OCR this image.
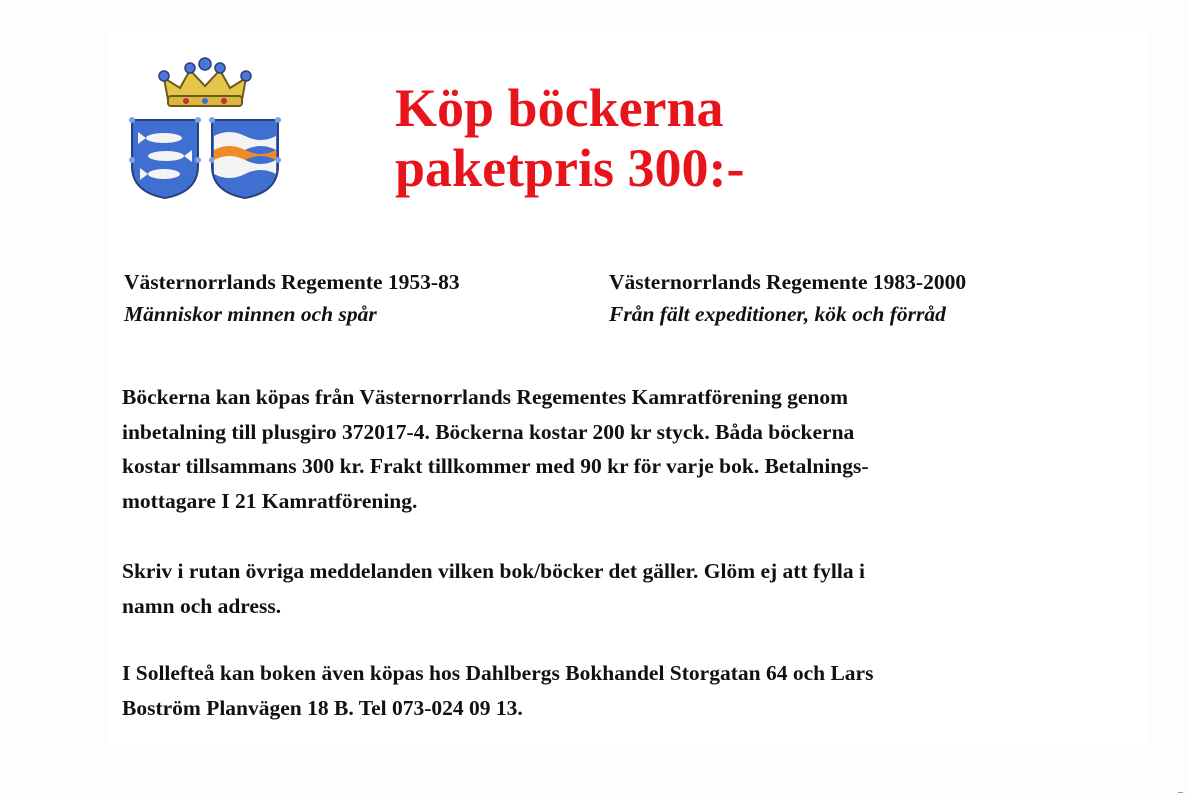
Köp böckerna
paketpris 300:-
Västernorrlands Regemente 1953-83
Människor minnen och spår
Västernorrlands Regemente 1983-2000
Från fält expeditioner, kök och förråd

Böckerna kan köpas från Västernorrlands Regementes Kamratförening genom
inbetalning till plusgiro 372017-4. Böckerna kostar 200 kr styck. Båda böckerna
kostar tillsammans 300 kr. Frakt tillkommer med 90 kr för varje bok. Betalnings-
mottagare I 21 Kamratförening.

Skriv i rutan övriga meddelanden vilken bok/böcker det gäller. Glöm ej att fylla i
namn och adress.

I Sollefteå kan boken även köpas hos Dahlbergs Bokhandel Storgatan 64 och Lars
Boström Planvägen 18 B. Tel 073-024 09 13.
